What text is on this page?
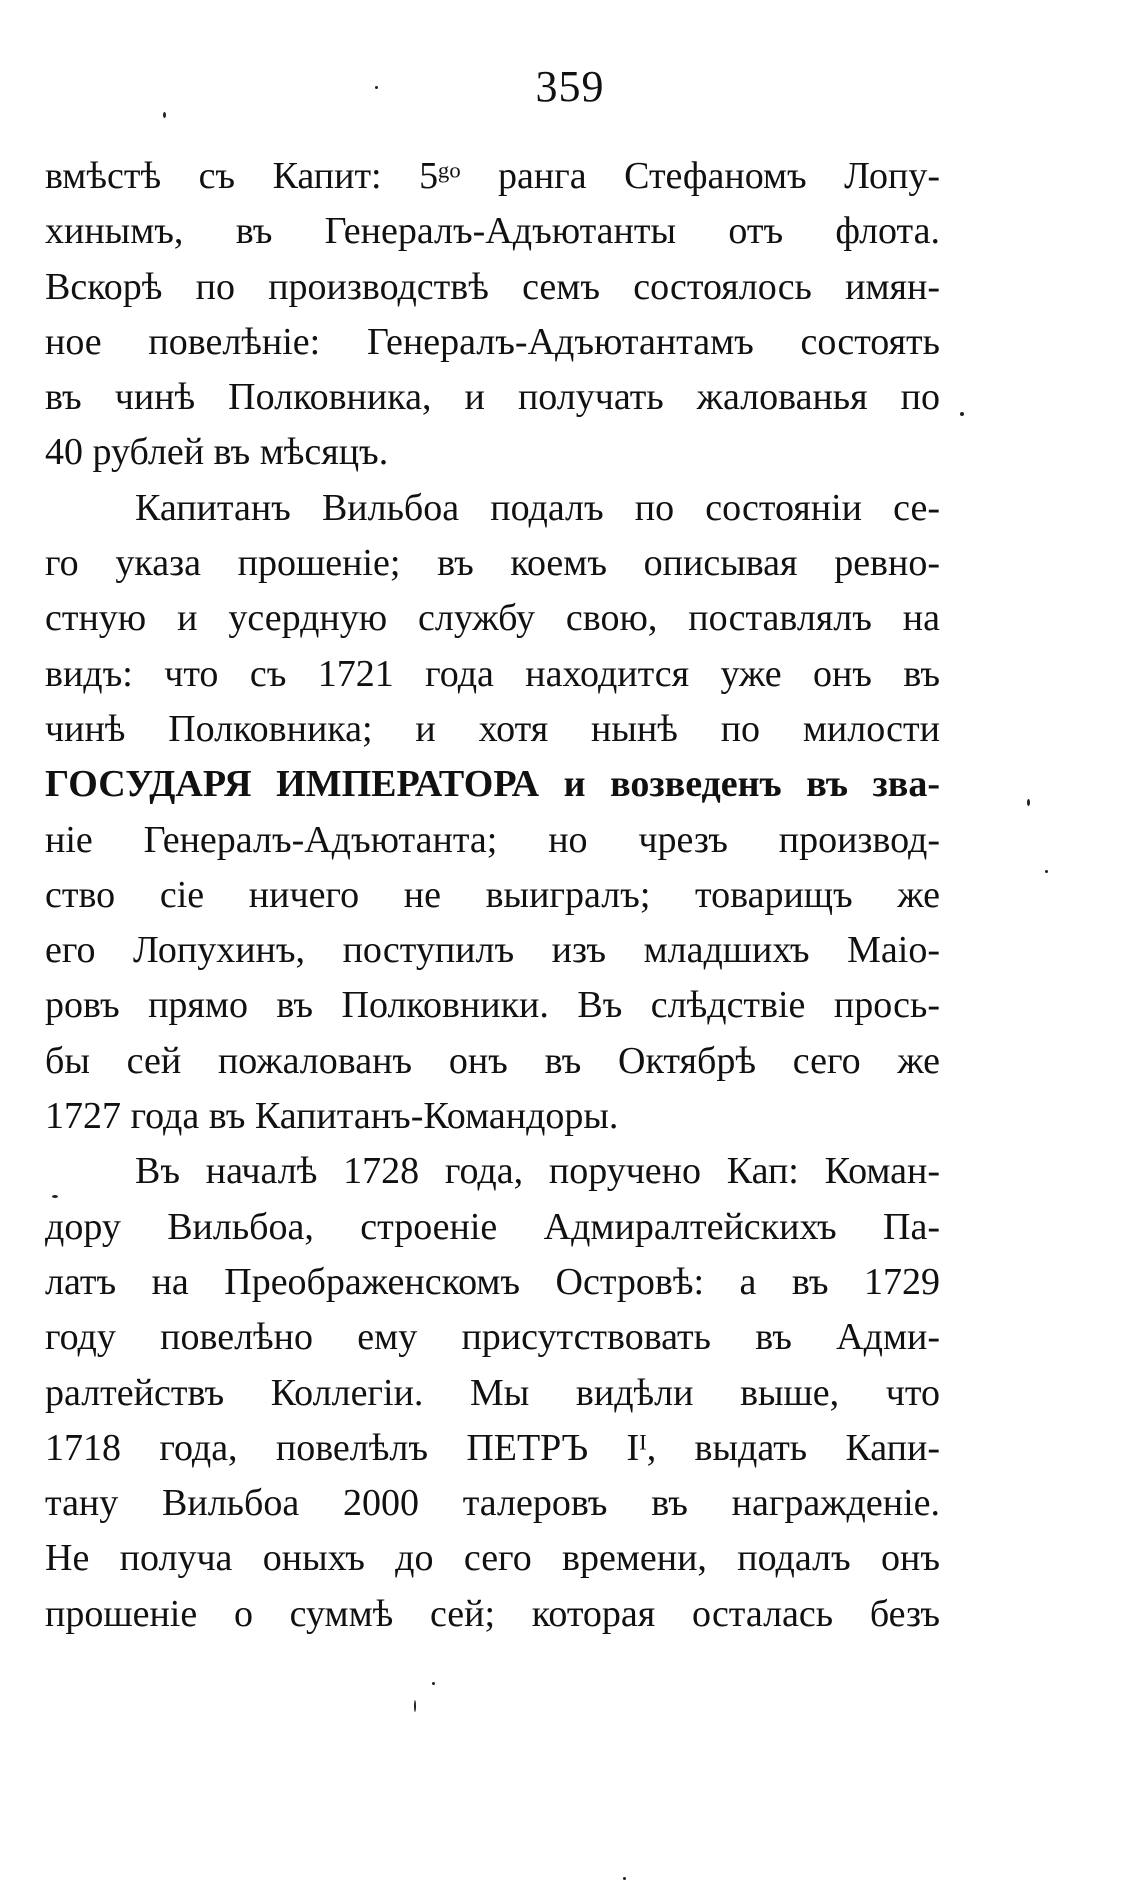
359
вмѣстѣ съ Капит: 5ᵍᵒ ранга Стефаномъ Лопу-
хинымъ, въ Генералъ-Адъютанты отъ флота.
Вскорѣ по производствѣ семъ состоялось имян-
ное повелѣніе: Генералъ-Адъютантамъ состоять
въ чинѣ Полковника, и получать жалованья по
40 рублей въ мѣсяцъ.
Капитанъ Вильбоа подалъ по состояніи се-
го указа прошеніе; въ коемъ описывая ревно-
стную и усердную службу свою, поставлялъ на
видъ: что съ 1721 года находится уже онъ въ
чинѣ Полковника; и хотя нынѣ по милости
ГОСУДАРЯ ИМПЕРАТОРА и возведенъ въ зва-
ніе Генералъ-Адъютанта; но чрезъ производ-
ство сіе ничего не выигралъ; товарищъ же
его Лопухинъ, поступилъ изъ младшихъ Маіо-
ровъ прямо въ Полковники. Въ слѣдствіе прось-
бы сей пожалованъ онъ въ Октябрѣ сего же
1727 года въ Капитанъ-Командоры.
Въ началѣ 1728 года, поручено Кап: Коман-
дору Вильбоа, строеніе Адмиралтейскихъ Па-
латъ на Преображенскомъ Островѣ: а въ 1729
году повелѣно ему присутствовать въ Адми-
ралтействъ Коллегіи. Мы видѣли выше, что
1718 года, повелѣлъ ПЕТРЪ Iᴵ, выдать Капи-
тану Вильбоа 2000 талеровъ въ награжденіе.
Не получа оныхъ до сего времени, подалъ онъ
прошеніе о суммѣ сей; которая осталась безъ
